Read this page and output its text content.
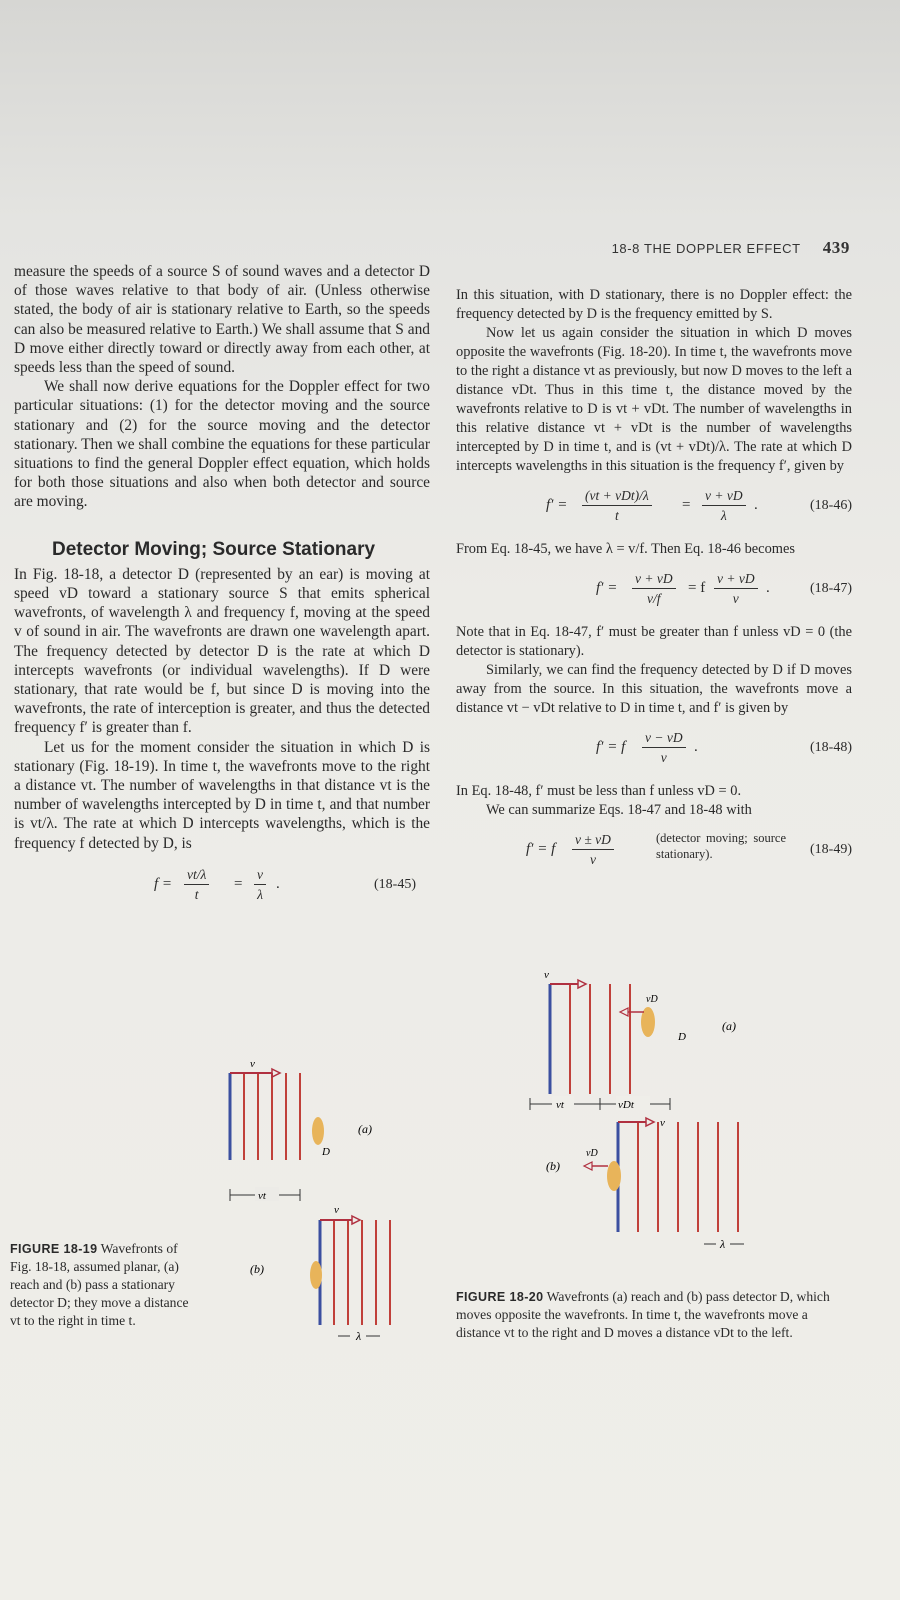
18-8 THE DOPPLER EFFECT 439

measure the speeds of a source S of sound waves and a detector D of those waves relative to that body of air. (Unless otherwise stated, the body of air is stationary relative to Earth, so the speeds can also be measured relative to Earth.) We shall assume that S and D move either directly toward or directly away from each other, at speeds less than the speed of sound.

We shall now derive equations for the Doppler effect for two particular situations: (1) for the detector moving and the source stationary and (2) for the source moving and the detector stationary. Then we shall combine the equations for these particular situations to find the general Doppler effect equation, which holds for both those situations and also when both detector and source are moving.

Detector Moving; Source Stationary

In Fig. 18-18, a detector D (represented by an ear) is moving at speed vD toward a stationary source S that emits spherical wavefronts, of wavelength λ and frequency f, moving at the speed v of sound in air. The wavefronts are drawn one wavelength apart. The frequency detected by detector D is the rate at which D intercepts wavefronts (or individual wavelengths). If D were stationary, that rate would be f, but since D is moving into the wavefronts, the rate of interception is greater, and thus the detected frequency f′ is greater than f.

Let us for the moment consider the situation in which D is stationary (Fig. 18-19). In time t, the wavefronts move to the right a distance vt. The number of wavelengths in that distance vt is the number of wavelengths intercepted by D in time t, and that number is vt/λ. The rate at which D intercepts wavelengths, which is the frequency f detected by D, is

$f = \frac{vt/\lambda}{t} = \frac{v}{\lambda}$ .	(18-45)
v
D
(a)
vt
v
(b)
λ
FIGURE 18-19 Wavefronts of Fig. 18-18, assumed planar, (a) reach and (b) pass a stationary detector D; they move a distance vt to the right in time t.

In this situation, with D stationary, there is no Doppler effect: the frequency detected by D is the frequency emitted by S.

Now let us again consider the situation in which D moves opposite the wavefronts (Fig. 18-20). In time t, the wavefronts move to the right a distance vt as previously, but now D moves to the left a distance vDt. Thus in this time t, the distance moved by the wavefronts relative to D is vt + vDt. The number of wavelengths in this relative distance vt + vDt is the number of wavelengths intercepted by D in time t, and is (vt + vDt)/λ. The rate at which D intercepts wavelengths in this situation is the frequency f′, given by

f′ =
(vt + vDt)/λ
t
= $\frac{v + vD}{\lambda}$ .	(18-46)

From Eq. 18-45, we have λ = v/f. Then Eq. 18-46 becomes

$f' = \frac{v + vD}{v/f} = f \frac{v + vD}{v}$ .	(18-47)

Note that in Eq. 18-47, f′ must be greater than f unless vD = 0 (the detector is stationary).

Similarly, we can find the frequency detected by D if D moves away from the source. In this situation, the wavefronts move a distance vt − vDt relative to D in time t, and f′ is given by

f′ = f $\frac{v - vD}{v}$ .	(18-48)

In Eq. 18-48, f′ must be less than f unless vD = 0.

We can summarize Eqs. 18-47 and 18-48 with

f′ = f $\frac{v \pm vD}{v}$	(detector moving; source stationary).	(18-49)
v
vD
D
(a)
vt	vDt
v
vD
(b)
λ
FIGURE 18-20 Wavefronts (a) reach and (b) pass detector D, which moves opposite the wavefronts. In time t, the wavefronts move a distance vt to the right and D moves a distance vDt to the left.
